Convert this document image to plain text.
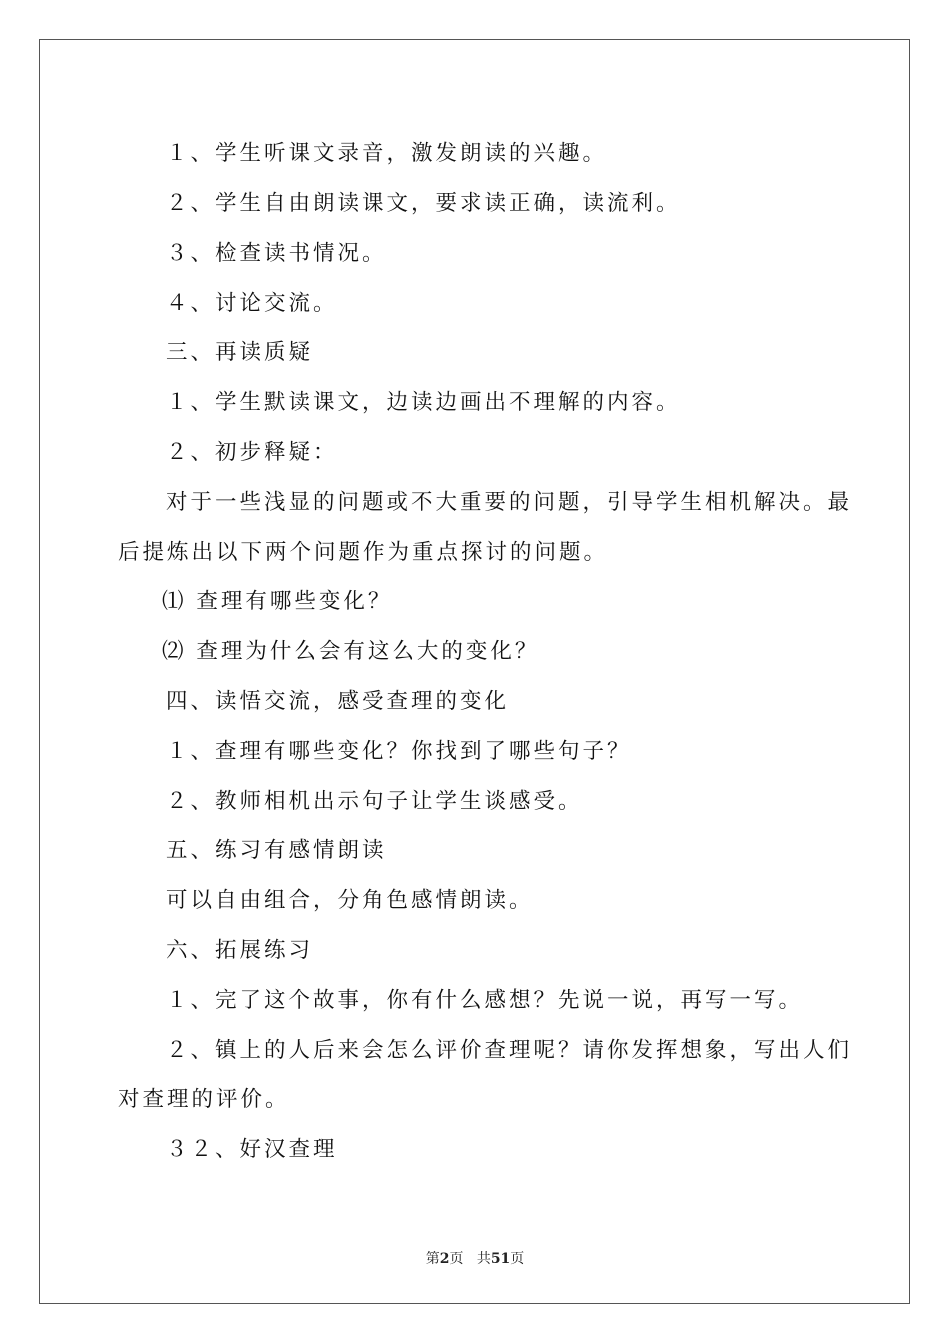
１、学生听课文录音，激发朗读的兴趣。
２、学生自由朗读课文，要求读正确，读流利。
３、检查读书情况。
４、讨论交流。
三、再读质疑
１、学生默读课文，边读边画出不理解的内容。
２、初步释疑：
对于一些浅显的问题或不大重要的问题，引导学生相机解决。最
后提炼出以下两个问题作为重点探讨的问题。
⑴ 查理有哪些变化？
⑵ 查理为什么会有这么大的变化？
四、读悟交流，感受查理的变化
１、查理有哪些变化？你找到了哪些句子？
２、教师相机出示句子让学生谈感受。
五、练习有感情朗读
可以自由组合，分角色感情朗读。
六、拓展练习
１、完了这个故事，你有什么感想？先说一说，再写一写。
２、镇上的人后来会怎么评价查理呢？请你发挥想象，写出人们
对查理的评价。
３２、好汉查理
第2页 共51页
